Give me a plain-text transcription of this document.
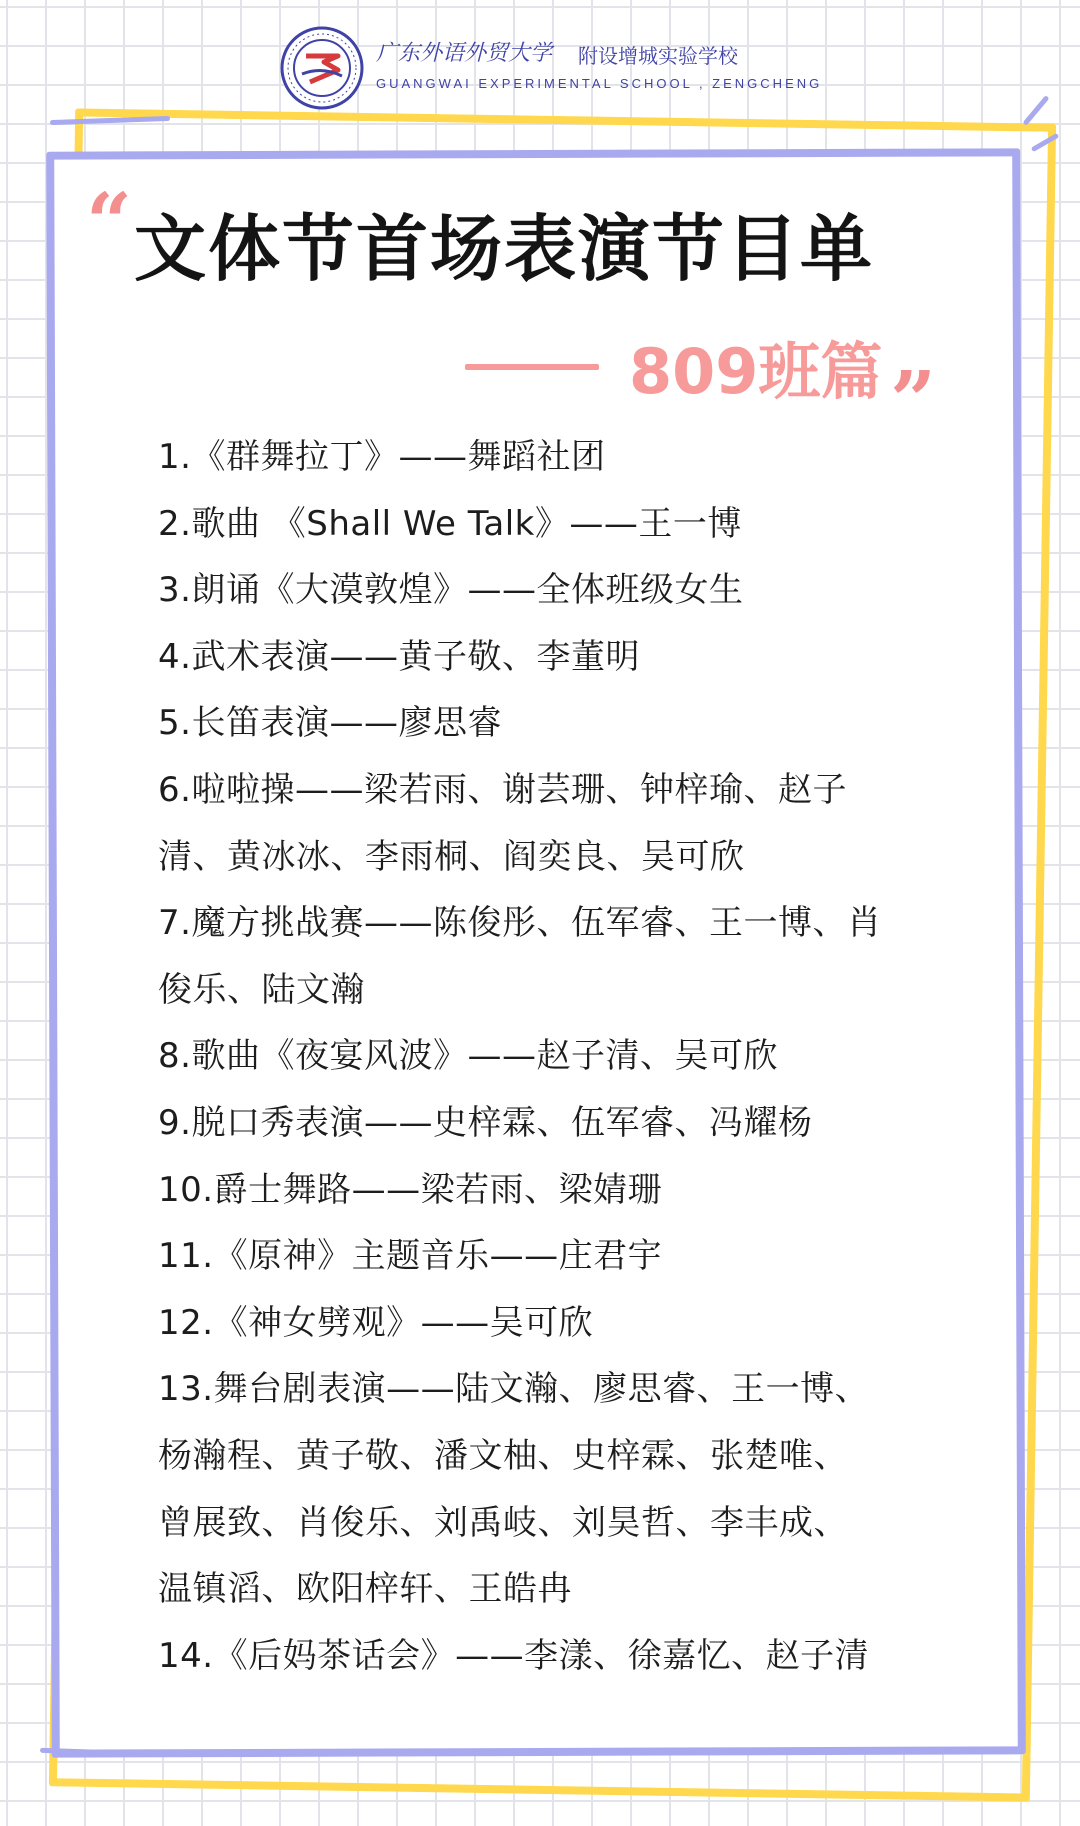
广东外语外贸大学 附设增城实验学校
GUANGWAI EXPERIMENTAL SCHOOL , ZENGCHENG
“ 文体节首场表演节目单
809班篇 ”
1.《群舞拉丁》——舞蹈社团
2.歌曲 《Shall We Talk》——王一博
3.朗诵《大漠敦煌》——全体班级女生
4.武术表演——黄子敬、李董明
5.长笛表演——廖思睿
6.啦啦操——梁若雨、谢芸珊、钟梓瑜、赵子
清、黄冰冰、李雨桐、阎奕良、吴可欣
7.魔方挑战赛——陈俊彤、伍军睿、王一博、肖
俊乐、陆文瀚
8.歌曲《夜宴风波》——赵子清、吴可欣
9.脱口秀表演——史梓霖、伍军睿、冯耀杨
10.爵士舞路——梁若雨、梁婧珊
11.《原神》主题音乐——庄君宇
12.《神女劈观》——吴可欣
13.舞台剧表演——陆文瀚、廖思睿、王一博、
杨瀚程、黄子敬、潘文柚、史梓霖、张楚唯、
曾展致、肖俊乐、刘禹岐、刘昊哲、李丰成、
温镇滔、欧阳梓轩、王皓冉
14.《后妈茶话会》——李漾、徐嘉忆、赵子清
